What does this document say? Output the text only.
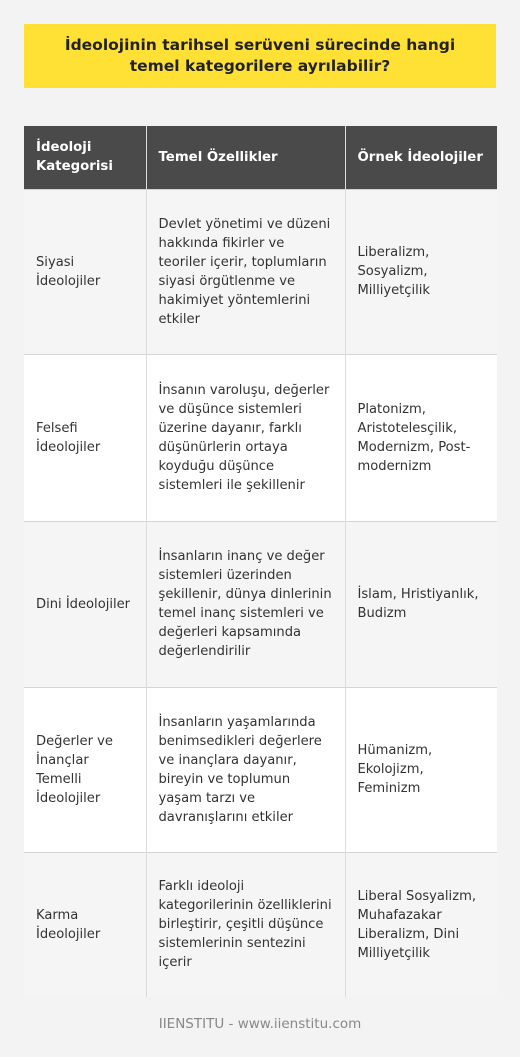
İdeolojinin tarihsel serüveni sürecinde hangi temel kategorilere ayrılabilir?
İdeoloji Kategorisi	Temel Özellikler	Örnek İdeolojiler
Siyasi İdeolojiler	Devlet yönetimi ve düzeni hakkında fikirler ve teoriler içerir, toplumların siyasi örgütlenme ve hakimiyet yöntemlerini etkiler	Liberalizm, Sosyalizm, Milliyetçilik
Felsefi İdeolojiler	İnsanın varoluşu, değerler ve düşünce sistemleri üzerine dayanır, farklı düşünürlerin ortaya koyduğu düşünce sistemleri ile şekillenir	Platonizm, Aristotelesçilik, Modernizm, Post-modernizm
Dini İdeolojiler	İnsanların inanç ve değer sistemleri üzerinden şekillenir, dünya dinlerinin temel inanç sistemleri ve değerleri kapsamında değerlendirilir	İslam, Hristiyanlık, Budizm
Değerler ve İnançlar Temelli İdeolojiler	İnsanların yaşamlarında benimsedikleri değerlere ve inançlara dayanır, bireyin ve toplumun yaşam tarzı ve davranışlarını etkiler	Hümanizm, Ekolojizm, Feminizm
Karma İdeolojiler	Farklı ideoloji kategorilerinin özelliklerini birleştirir, çeşitli düşünce sistemlerinin sentezini içerir	Liberal Sosyalizm, Muhafazakar Liberalizm, Dini Milliyetçilik
IIENSTITU - www.iienstitu.com
